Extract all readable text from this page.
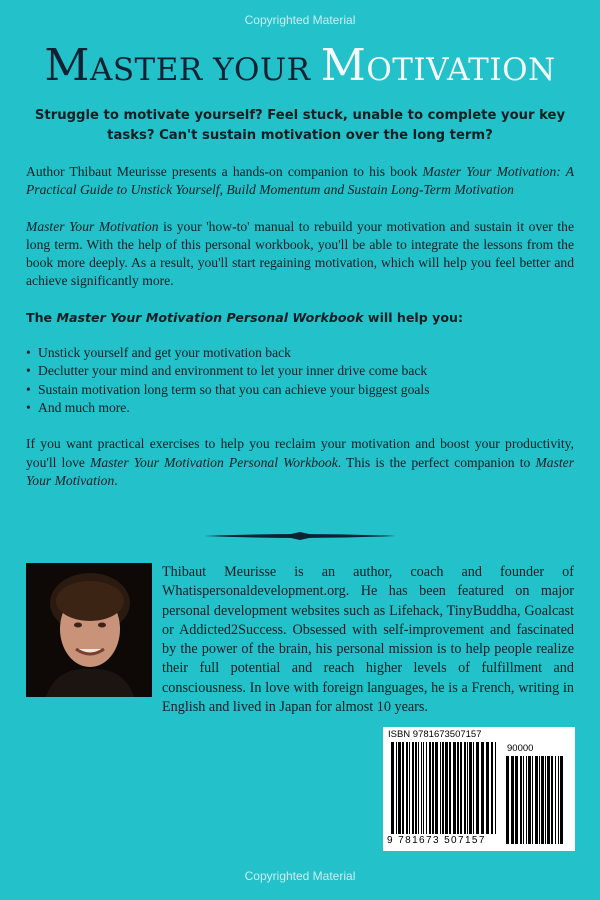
Copyrighted Material
MASTER YOUR MOTIVATION
Struggle to motivate yourself? Feel stuck, unable to complete your key tasks? Can't sustain motivation over the long term?

Author Thibaut Meurisse presents a hands-on companion to his book Master Your Motivation: A Practical Guide to Unstick Yourself, Build Momentum and Sustain Long-Term Motivation

Master Your Motivation is your 'how-to' manual to rebuild your motivation and sustain it over the long term. With the help of this personal workbook, you'll be able to integrate the lessons from the book more deeply. As a result, you'll start regaining motivation, which will help you feel better and achieve significantly more.

The Master Your Motivation Personal Workbook will help you:

• Unstick yourself and get your motivation back
• Declutter your mind and environment to let your inner drive come back
• Sustain motivation long term so that you can achieve your biggest goals
• And much more.

If you want practical exercises to help you reclaim your motivation and boost your productivity, you'll love Master Your Motivation Personal Workbook. This is the perfect companion to Master Your Motivation.

Thibaut Meurisse is an author, coach and founder of Whatispersonaldevelopment.org. He has been featured on major personal development websites such as Lifehack, TinyBuddha, Goalcast or Addicted2Success. Obsessed with self-improvement and fascinated by the power of the brain, his personal mission is to help people realize their full potential and reach higher levels of fulfillment and consciousness. In love with foreign languages, he is a French, writing in English and lived in Japan for almost 10 years.
ISBN 9781673507157
90000
9 781673 507157
Copyrighted Material
